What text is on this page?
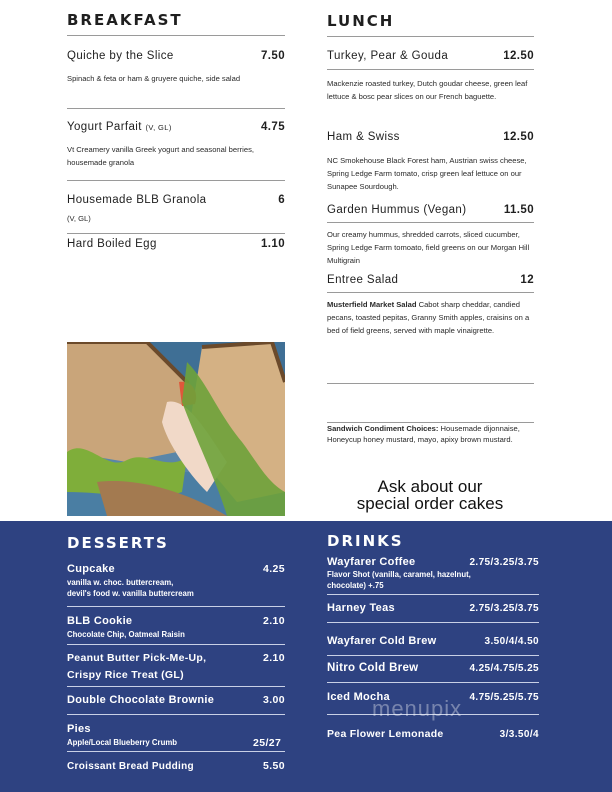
BREAKFAST
Quiche by the Slice	7.50
Spinach & feta or ham & gruyere quiche, side salad
Yogurt Parfait (V, GL)	4.75
Vt Creamery vanilla Greek yogurt and seasonal berries, housemade granola
Housemade BLB Granola	6
(V, GL)
Hard Boiled Egg	1.10
LUNCH
Turkey, Pear & Gouda	12.50
Mackenzie roasted turkey, Dutch goudar cheese, green leaf lettuce & bosc pear slices on our French baguette.
Ham & Swiss	12.50
NC Smokehouse Black Forest ham, Austrian swiss cheese, Spring Ledge Farm tomato, crisp green leaf lettuce on our Sunapee Sourdough.
Garden Hummus (Vegan)	11.50
Our creamy hummus, shredded carrots, sliced cucumber, Spring Ledge Farm tomoato, field greens on our Morgan Hill Multigrain
Entree Salad	12
Musterfield Market Salad Cabot sharp cheddar, candied pecans, toasted pepitas, Granny Smith apples, craisins on a bed of field greens, served with maple vinaigrette.
Sandwich Condiment Choices: Housemade dijonnaise, Honeycup honey mustard, mayo, apixy brown mustard.
Ask about our
special order cakes
DESSERTS
Cupcake	4.25
vanilla w. choc. buttercream,
devil's food w. vanilla buttercream
BLB Cookie	2.10
Chocolate Chip, Oatmeal Raisin
Peanut Butter Pick-Me-Up,	2.10
Crispy Rice Treat (GL)
Double Chocolate Brownie	3.00
Pies
Apple/Local Blueberry Crumb	25/27
Croissant Bread Pudding	5.50
DRINKS
Wayfarer Coffee	2.75/3.25/3.75
Flavor Shot (vanilla, caramel, hazelnut,
chocolate) +.75
Harney Teas	2.75/3.25/3.75
Wayfarer Cold Brew	3.50/4/4.50
Nitro Cold Brew	4.25/4.75/5.25
Iced Mocha	4.75/5.25/5.75
Pea Flower Lemonade	3/3.50/4
menupix
